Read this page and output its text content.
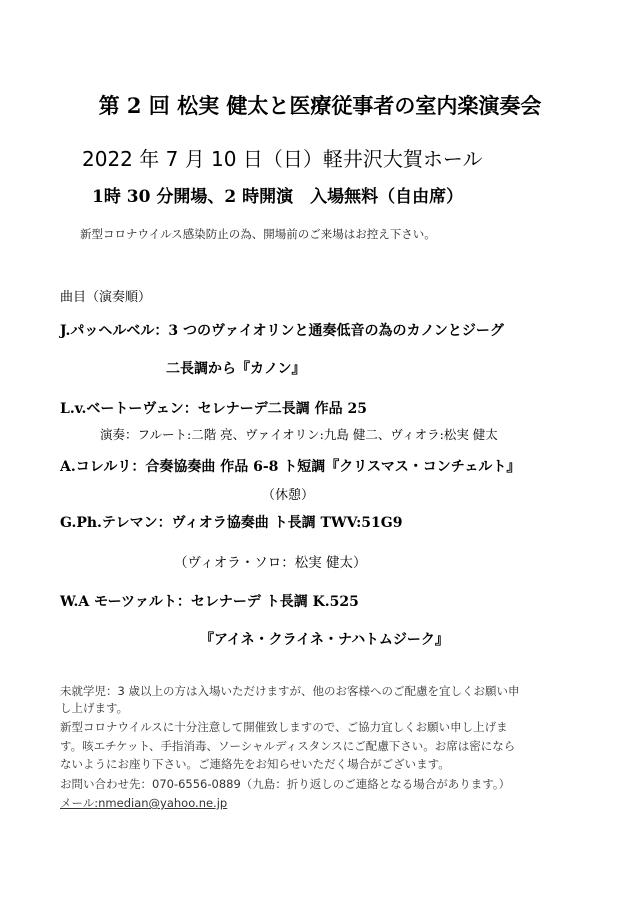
第 2 回 松実 健太と医療従事者の室内楽演奏会
2022 年 7 月 10 日（日）軽井沢大賀ホール
1時 30 分開場、2 時開演　入場無料（自由席）
新型コロナウイルス感染防止の為、開場前のご来場はお控え下さい。
曲目（演奏順）
J.パッヘルベル：3 つのヴァイオリンと通奏低音の為のカノンとジーグ
二長調から『カノン』
L.v.ベートーヴェン：セレナーデ二長調 作品 25
演奏：フルート:二階 亮、ヴァイオリン:九島 健二、ヴィオラ:松実 健太
A.コレルリ：合奏協奏曲 作品 6-8 ト短調『クリスマス・コンチェルト』
（休憩）
G.Ph.テレマン：ヴィオラ協奏曲 ト長調 TWV:51G9
（ヴィオラ・ソロ：松実 健太）
W.A モーツァルト：セレナーデ ト長調 K.525
『アイネ・クライネ・ナハトムジーク』
未就学児：3 歳以上の方は入場いただけますが、他のお客様へのご配慮を宜しくお願い申
し上げます。
新型コロナウイルスに十分注意して開催致しますので、ご協力宜しくお願い申し上げま
す。咳エチケット、手指消毒、ソーシャルディスタンスにご配慮下さい。お席は密になら
ないようにお座り下さい。ご連絡先をお知らせいただく場合がございます。
お問い合わせ先：070-6556-0889（九島：折り返しのご連絡となる場合があります。）
メール:nmedian@yahoo.ne.jp
